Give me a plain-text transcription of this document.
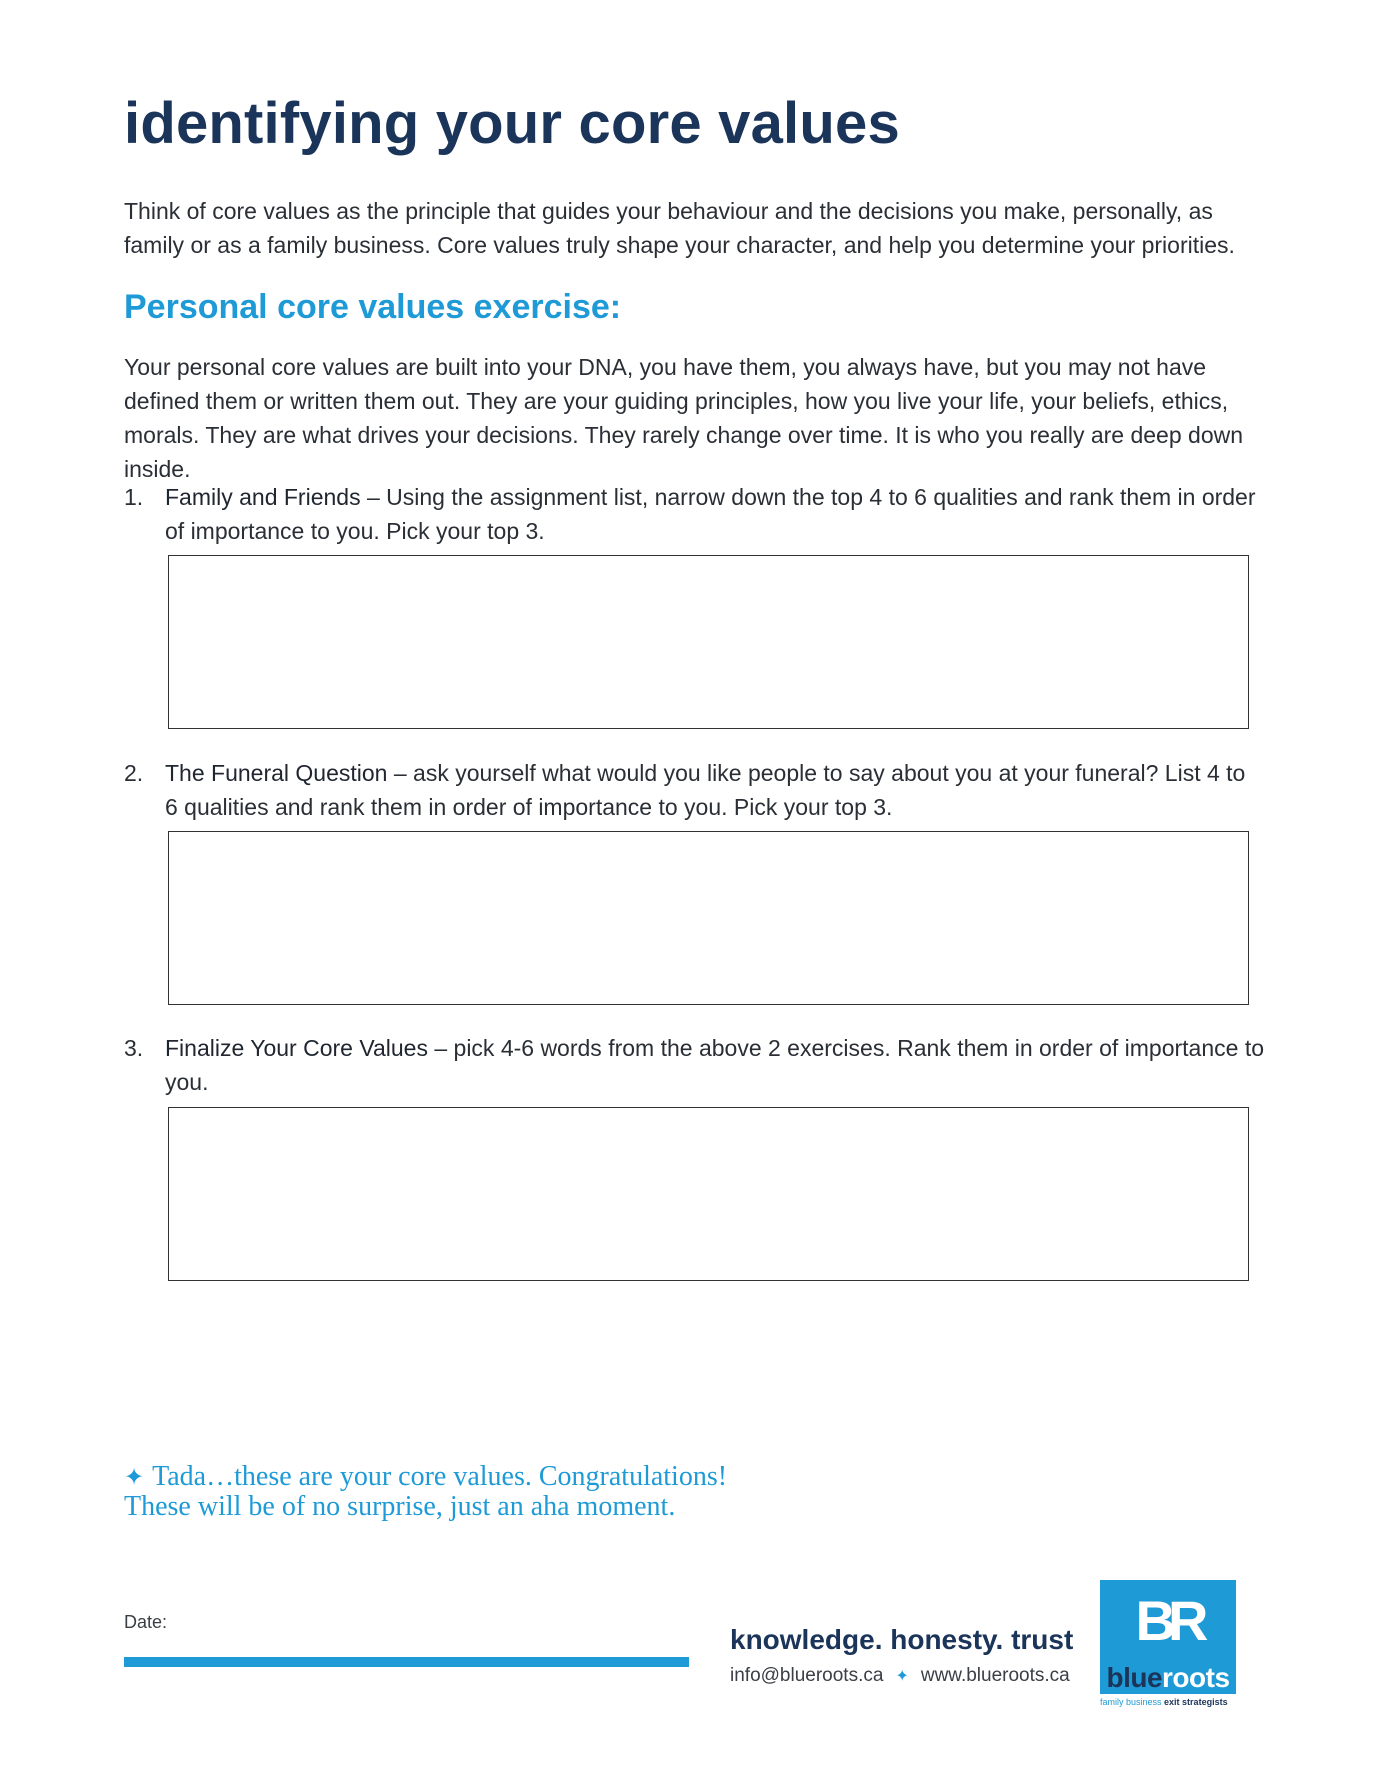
identifying your core values
Think of core values as the principle that guides your behaviour and the decisions you make, personally, as family or as a family business. Core values truly shape your character, and help you determine your priorities.
Personal core values exercise:
Your personal core values are built into your DNA, you have them, you always have, but you may not have defined them or written them out. They are your guiding principles, how you live your life, your beliefs, ethics, morals. They are what drives your decisions. They rarely change over time. It is who you really are deep down inside.
1. Family and Friends – Using the assignment list, narrow down the top 4 to 6 qualities and rank them in order of importance to you. Pick your top 3.
2. The Funeral Question – ask yourself what would you like people to say about you at your funeral? List 4 to 6 qualities and rank them in order of importance to you. Pick your top 3.
3. Finalize Your Core Values – pick 4-6 words from the above 2 exercises. Rank them in order of importance to you.
✦ Tada…these are your core values. Congratulations!
These will be of no surprise, just an aha moment.
Date:
knowledge. honesty. trust
info@blueroots.ca ✦ www.blueroots.ca
BR
blueroots
family business exit strategists
